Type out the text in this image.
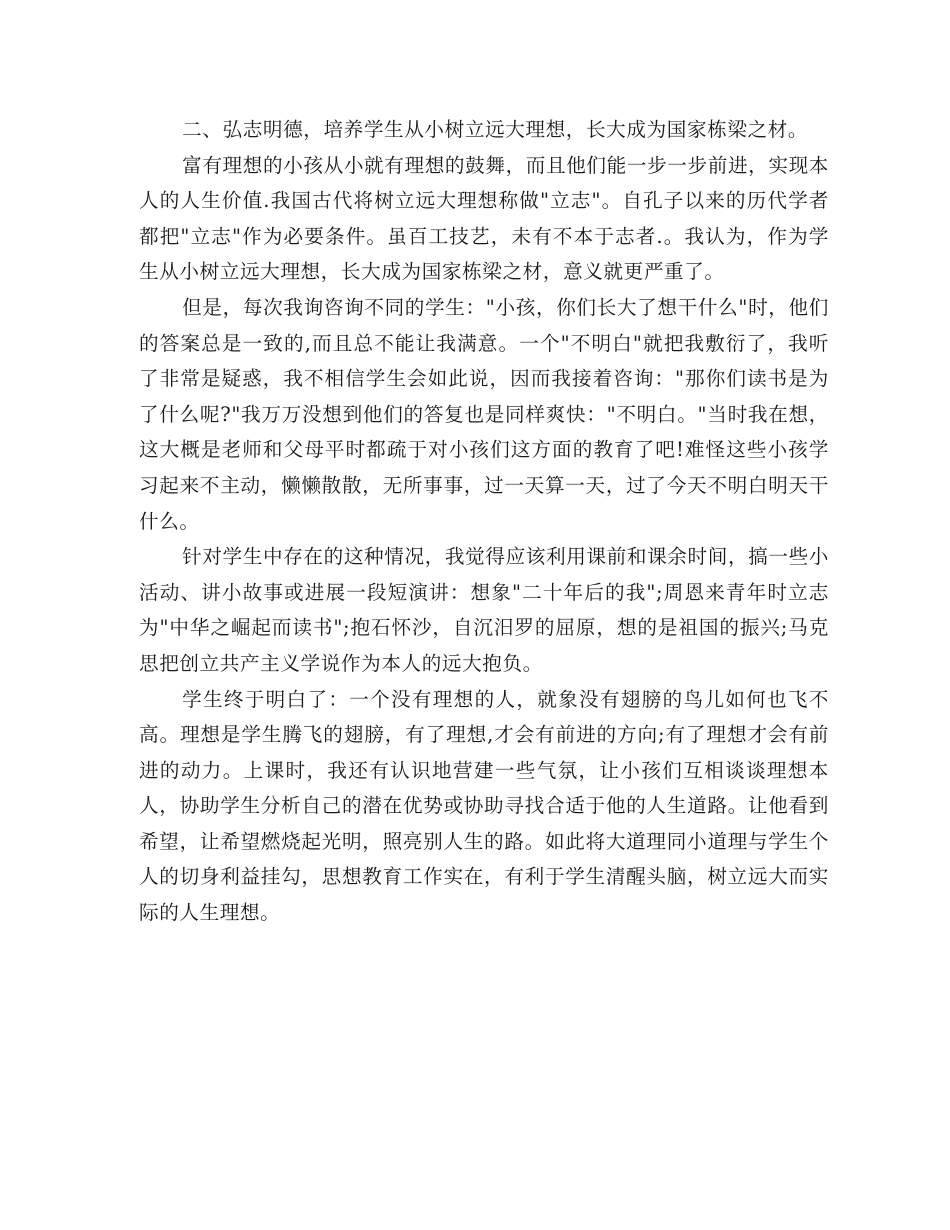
二、弘志明德，培养学生从小树立远大理想，长大成为国家栋梁之材。

富有理想的小孩从小就有理想的鼓舞，而且他们能一步一步前进，实现本人的人生价值.我国古代将树立远大理想称做"立志"。自孔子以来的历代学者都把"立志"作为必要条件。虽百工技艺，未有不本于志者.。我认为，作为学生从小树立远大理想，长大成为国家栋梁之材，意义就更严重了。

但是，每次我询咨询不同的学生："小孩，你们长大了想干什么"时，他们的答案总是一致的,而且总不能让我满意。一个"不明白"就把我敷衍了，我听了非常是疑惑，我不相信学生会如此说，因而我接着咨询："那你们读书是为了什么呢?"我万万没想到他们的答复也是同样爽快："不明白。"当时我在想，这大概是老师和父母平时都疏于对小孩们这方面的教育了吧!难怪这些小孩学习起来不主动，懒懒散散，无所事事，过一天算一天，过了今天不明白明天干什么。

针对学生中存在的这种情况，我觉得应该利用课前和课余时间，搞一些小活动、讲小故事或进展一段短演讲：想象"二十年后的我";周恩来青年时立志为"中华之崛起而读书";抱石怀沙，自沉汨罗的屈原，想的是祖国的振兴;马克思把创立共产主义学说作为本人的远大抱负。

学生终于明白了：一个没有理想的人，就象没有翅膀的鸟儿如何也飞不高。理想是学生腾飞的翅膀，有了理想,才会有前进的方向;有了理想才会有前进的动力。上课时，我还有认识地营建一些气氛，让小孩们互相谈谈理想本人，协助学生分析自己的潜在优势或协助寻找合适于他的人生道路。让他看到希望，让希望燃烧起光明，照亮别人生的路。如此将大道理同小道理与学生个人的切身利益挂勾，思想教育工作实在，有利于学生清醒头脑，树立远大而实际的人生理想。
